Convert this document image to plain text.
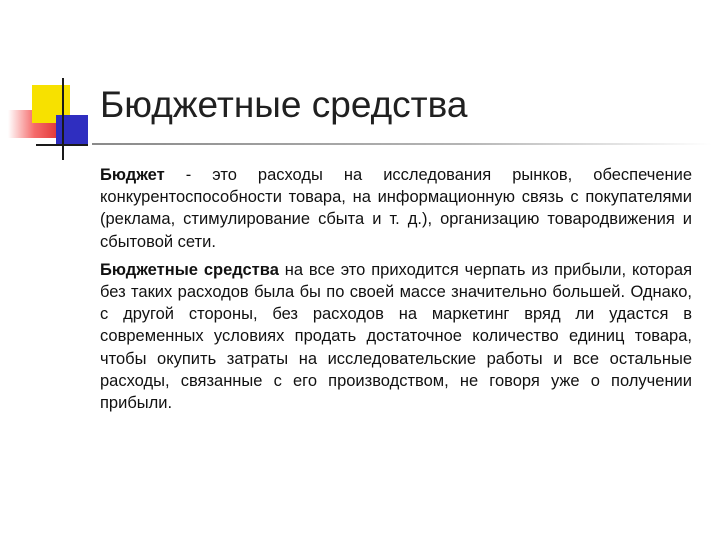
Бюджетные средства

Бюджет - это расходы на исследования рынков, обеспечение конкурентоспособности товара, на информационную связь с покупателями (реклама, стимулирование сбыта и т. д.), организацию товародвижения и сбытовой сети.

Бюджетные средства на все это приходится черпать из прибыли, которая без таких расходов была бы по своей массе значительно большей. Однако, с другой стороны, без расходов на маркетинг вряд ли удастся в современных условиях продать достаточное количество единиц товара, чтобы окупить затраты на исследовательские работы и все остальные расходы, связанные с его производством, не говоря уже о получении прибыли.
